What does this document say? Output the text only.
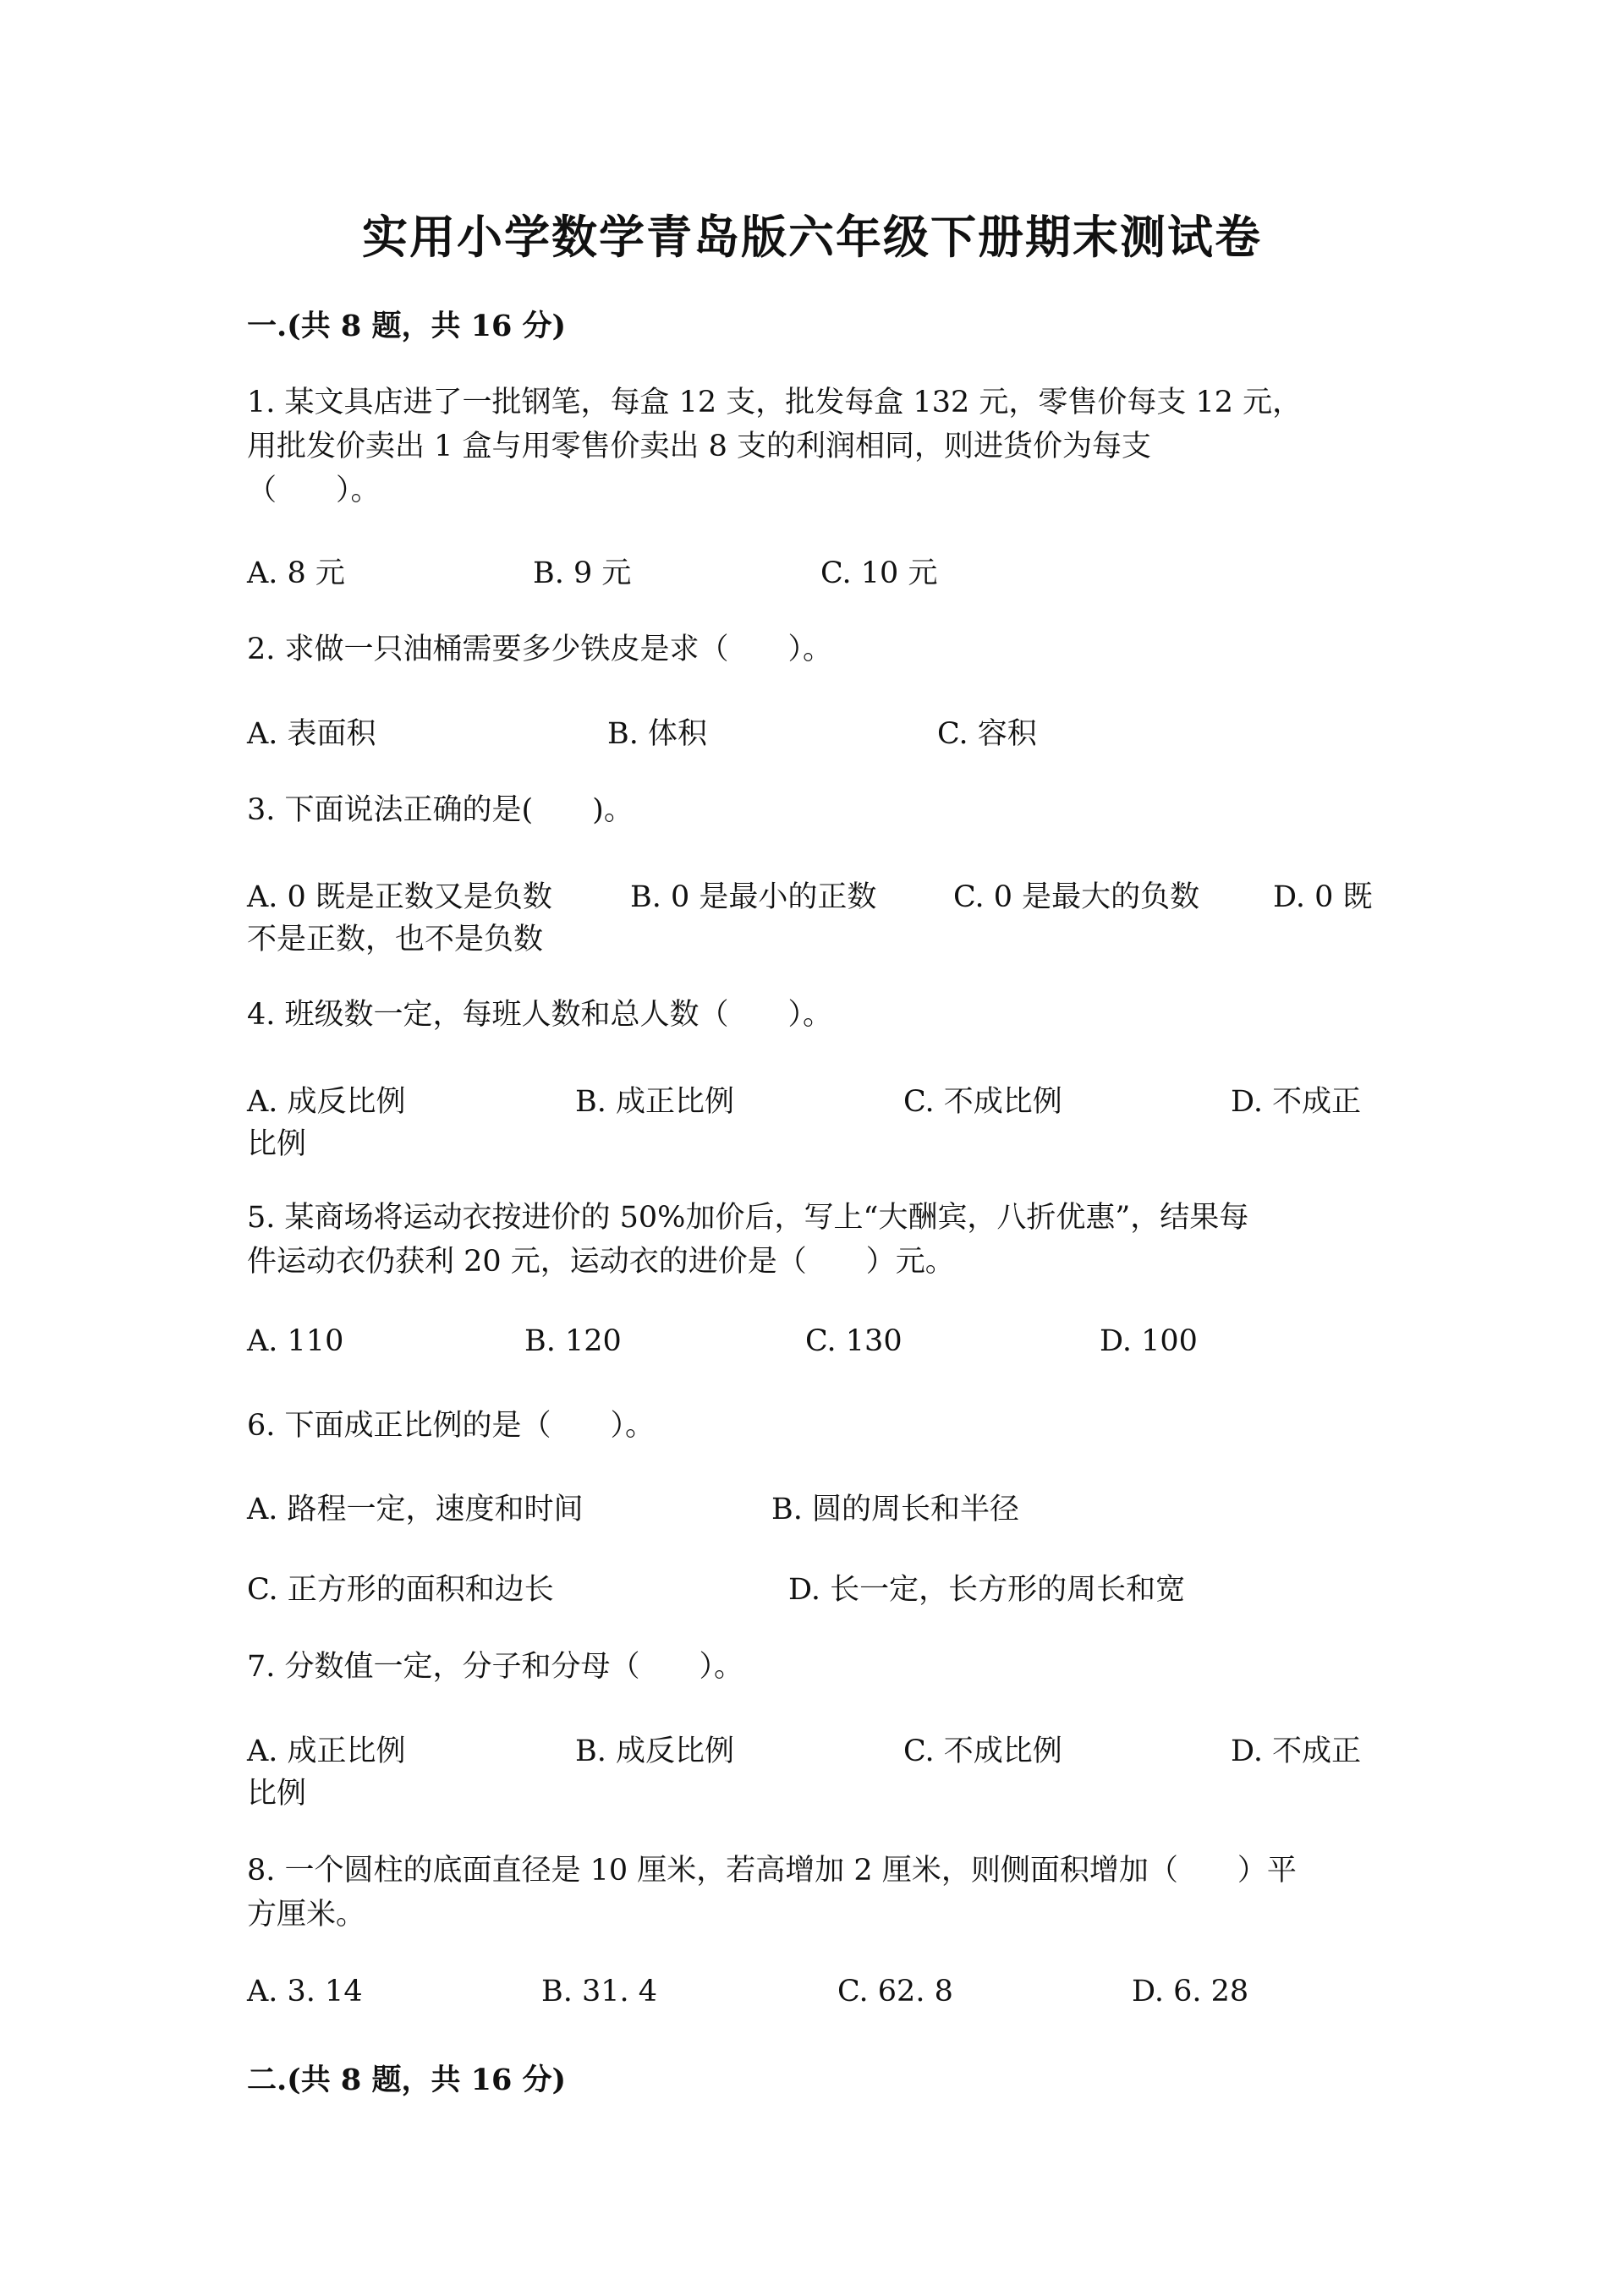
实用小学数学青岛版六年级下册期末测试卷
一.(共 8 题，共 16 分)
1. 某文具店进了一批钢笔，每盒 12 支，批发每盒 132 元，零售价每支 12 元，
用批发价卖出 1 盒与用零售价卖出 8 支的利润相同，则进货价为每支
（　　）。
A. 8 元	B. 9 元	C. 10 元
2. 求做一只油桶需要多少铁皮是求（　　）。
A. 表面积	B. 体积	C. 容积
3. 下面说法正确的是(　　)。
A. 0 既是正数又是负数	B. 0 是最小的正数	C. 0 是最大的负数 D. 0 既
不是正数，也不是负数
4. 班级数一定，每班人数和总人数（　　）。
A. 成反比例	B. 成正比例	C. 不成比例	D. 不成正
比例
5. 某商场将运动衣按进价的 50%加价后，写上“大酬宾，八折优惠”，结果每
件运动衣仍获利 20 元，运动衣的进价是（　　）元。
A. 110	B. 120	C. 130	D. 100
6. 下面成正比例的是（　　）。
A. 路程一定，速度和时间	B. 圆的周长和半径
C. 正方形的面积和边长	D. 长一定，长方形的周长和宽
7. 分数值一定，分子和分母（　　）。
A. 成正比例	B. 成反比例	C. 不成比例	D. 不成正
比例
8. 一个圆柱的底面直径是 10 厘米，若高增加 2 厘米，则侧面积增加（　　）平
方厘米。
A. 3. 14	B. 31. 4	C. 62. 8	D. 6. 28
二.(共 8 题，共 16 分)
